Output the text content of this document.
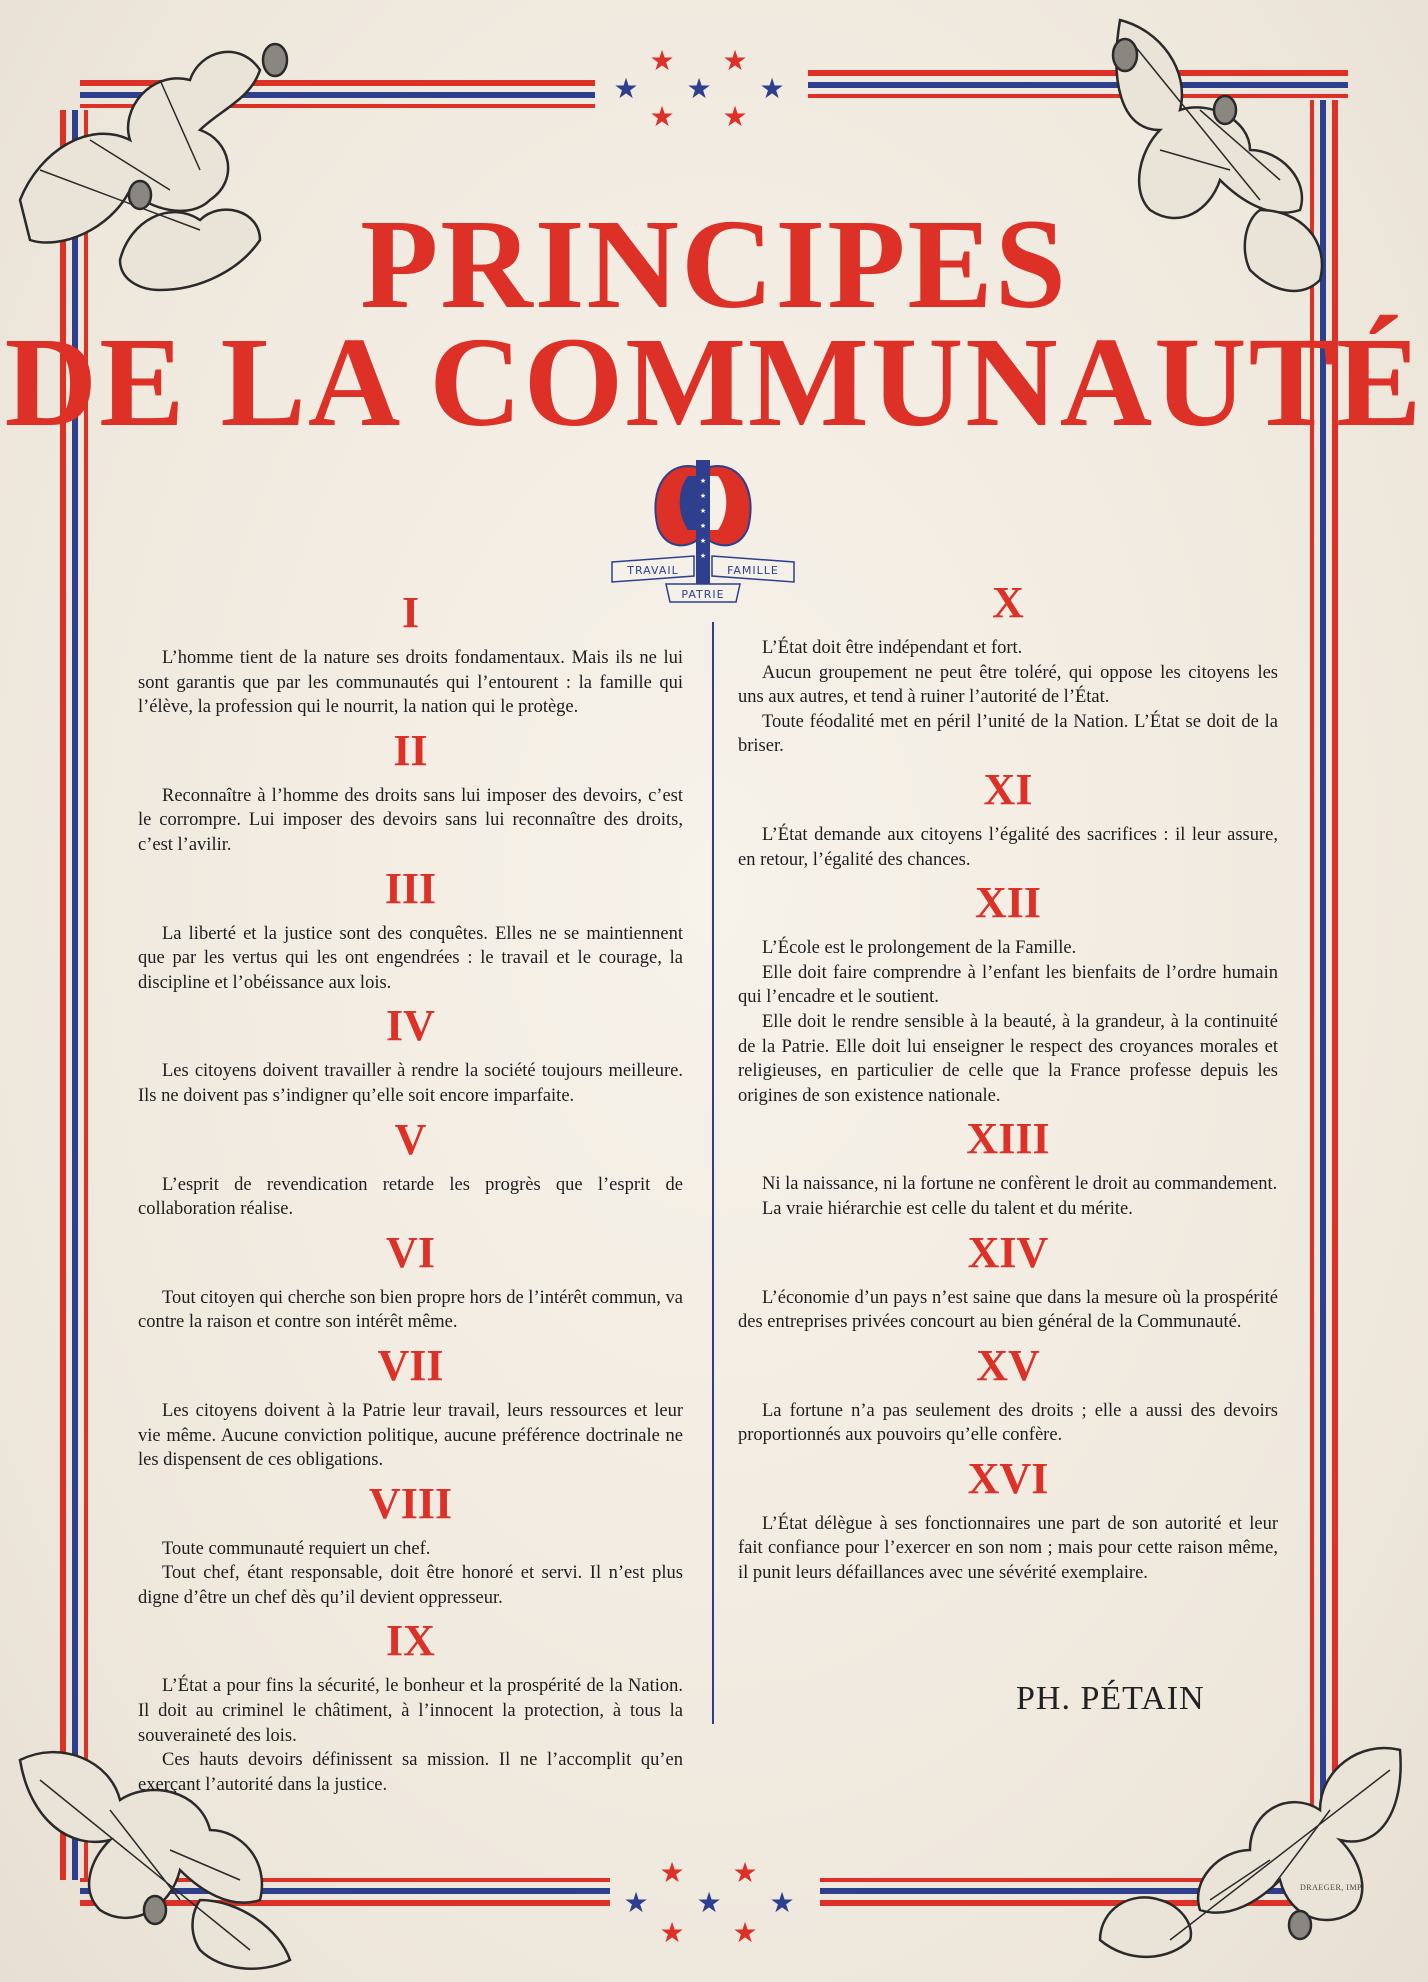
★ ★
★ ★ ★
★ ★
★ ★
★ ★ ★
★ ★
PRINCIPES
DE LA COMMUNAUTÉ
★
★
★
★
★
★
TRAVAIL	FAMILLE
PATRIE
I

L’homme tient de la nature ses droits fondamentaux. Mais ils ne lui sont garantis que par les communautés qui l’entourent : la famille qui l’élève, la profession qui le nourrit, la nation qui le protège.

II

Reconnaître à l’homme des droits sans lui imposer des devoirs, c’est le corrompre. Lui imposer des devoirs sans lui reconnaître des droits, c’est l’avilir.

III

La liberté et la justice sont des conquêtes. Elles ne se maintiennent que par les vertus qui les ont engendrées : le travail et le courage, la discipline et l’obéissance aux lois.

IV

Les citoyens doivent travailler à rendre la société toujours meilleure. Ils ne doivent pas s’indigner qu’elle soit encore imparfaite.

V

L’esprit de revendication retarde les progrès que l’esprit de collaboration réalise.

VI

Tout citoyen qui cherche son bien propre hors de l’intérêt commun, va contre la raison et contre son intérêt même.

VII

Les citoyens doivent à la Patrie leur travail, leurs ressources et leur vie même. Aucune conviction politique, aucune préférence doctrinale ne les dispensent de ces obligations.

VIII

Toute communauté requiert un chef.

Tout chef, étant responsable, doit être honoré et servi. Il n’est plus digne d’être un chef dès qu’il devient oppresseur.

IX

L’État a pour fins la sécurité, le bonheur et la prospérité de la Nation. Il doit au criminel le châtiment, à l’innocent la protection, à tous la souveraineté des lois.

Ces hauts devoirs définissent sa mission. Il ne l’accomplit qu’en exerçant l’autorité dans la justice.

X

L’État doit être indépendant et fort.

Aucun groupement ne peut être toléré, qui oppose les citoyens les uns aux autres, et tend à ruiner l’autorité de l’État.

Toute féodalité met en péril l’unité de la Nation. L’État se doit de la briser.

XI

L’État demande aux citoyens l’égalité des sacrifices : il leur assure, en retour, l’égalité des chances.

XII

L’École est le prolongement de la Famille.

Elle doit faire comprendre à l’enfant les bienfaits de l’ordre humain qui l’encadre et le soutient.

Elle doit le rendre sensible à la beauté, à la grandeur, à la continuité de la Patrie. Elle doit lui enseigner le respect des croyances morales et religieuses, en particulier de celle que la France professe depuis les origines de son existence nationale.

XIII

Ni la naissance, ni la fortune ne confèrent le droit au commandement.

La vraie hiérarchie est celle du talent et du mérite.

XIV

L’économie d’un pays n’est saine que dans la mesure où la prospérité des entreprises privées concourt au bien général de la Communauté.

XV

La fortune n’a pas seulement des droits ; elle a aussi des devoirs proportionnés aux pouvoirs qu’elle confère.

XVI

L’État délègue à ses fonctionnaires une part de son autorité et leur fait confiance pour l’exercer en son nom ; mais pour cette raison même, il punit leurs défaillances avec une sévérité exemplaire.

PH. PÉTAIN
DRAEGER, IMP.
